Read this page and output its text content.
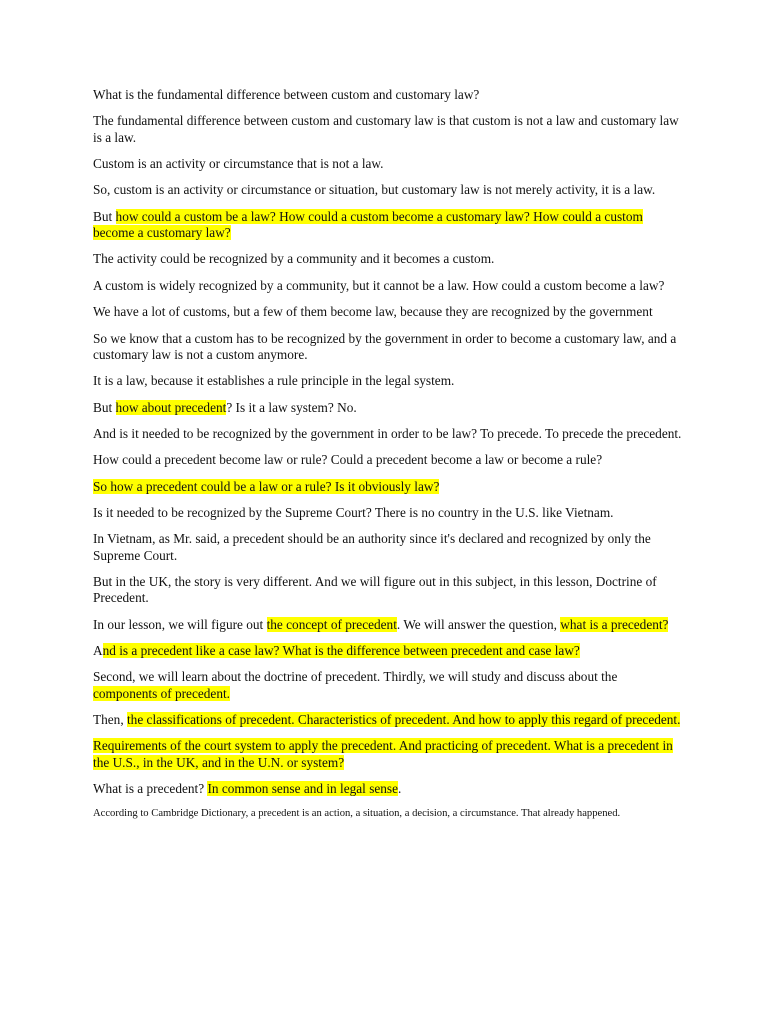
What is the fundamental difference between custom and customary law?

The fundamental difference between custom and customary law is that custom is not a law and customary law is a law.

Custom is an activity or circumstance that is not a law.

So, custom is an activity or circumstance or situation, but customary law is not merely activity, it is a law.

But how could a custom be a law? How could a custom become a customary law? How could a custom become a customary law?

The activity could be recognized by a community and it becomes a custom.

A custom is widely recognized by a community, but it cannot be a law. How could a custom become a law?

We have a lot of customs, but a few of them become law, because they are recognized by the government

So we know that a custom has to be recognized by the government in order to become a customary law, and a customary law is not a custom anymore.

It is a law, because it establishes a rule principle in the legal system.

But how about precedent? Is it a law system? No.

And is it needed to be recognized by the government in order to be law? To precede. To precede the precedent.

How could a precedent become law or rule? Could a precedent become a law or become a rule?

So how a precedent could be a law or a rule? Is it obviously law?

Is it needed to be recognized by the Supreme Court? There is no country in the U.S. like Vietnam.

In Vietnam, as Mr. said, a precedent should be an authority since it's declared and recognized by only the Supreme Court.

But in the UK, the story is very different. And we will figure out in this subject, in this lesson, Doctrine of Precedent.

In our lesson, we will figure out the concept of precedent. We will answer the question, what is a precedent?

And is a precedent like a case law? What is the difference between precedent and case law?

Second, we will learn about the doctrine of precedent. Thirdly, we will study and discuss about the components of precedent.

Then, the classifications of precedent. Characteristics of precedent. And how to apply this regard of precedent.

Requirements of the court system to apply the precedent. And practicing of precedent. What is a precedent in the U.S., in the UK, and in the U.N. or system?

What is a precedent? In common sense and in legal sense.

According to Cambridge Dictionary, a precedent is an action, a situation, a decision, a circumstance. That already happened.
